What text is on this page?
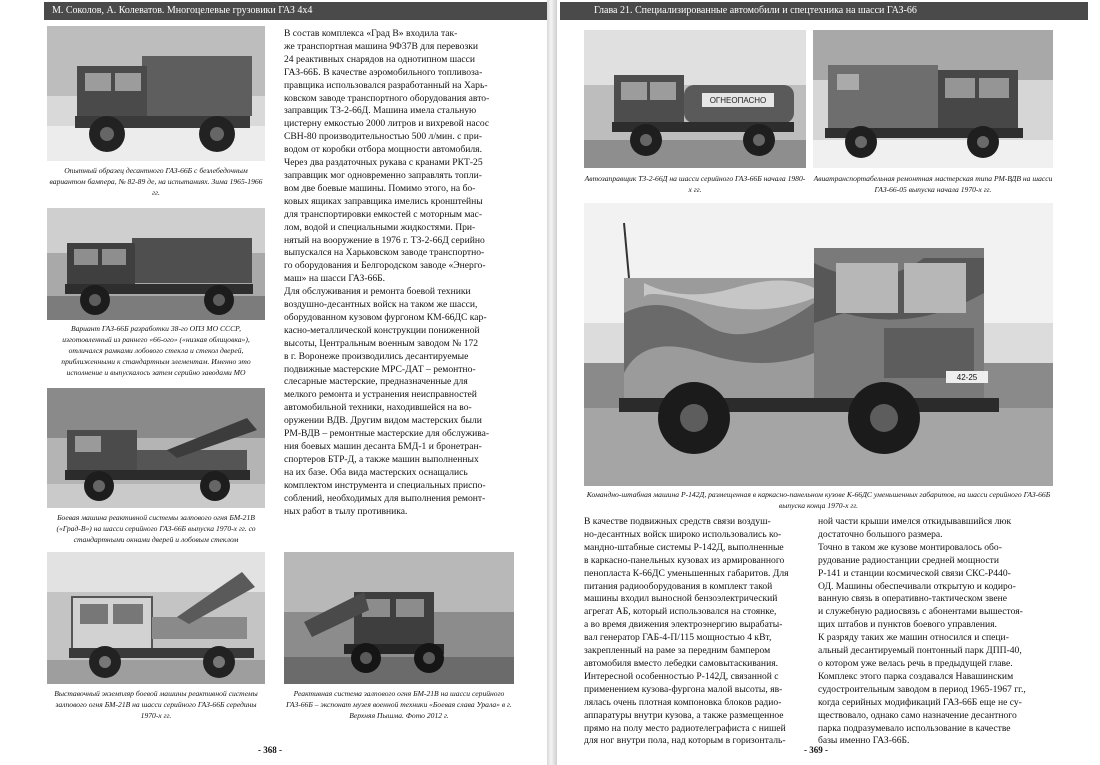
М. Соколов, А. Колеватов. Многоцелевые грузовики ГАЗ 4х4
Опытный образец десантного ГАЗ-66Б с безлебедочным вариантом бампера, № 82-89 де, на испытаниях. Зима 1965-1966 гг.
Вариант ГАЗ-66Б разработки 38-го ОПЗ МО СССР, изготовленный из раннего «66-ого» («низкая облицовка»), отличался рамками лобового стекла и стекол дверей, приближенными к стандартным элементам. Именно это исполнение и выпускалось затем серийно заводами МО
Боевая машина реактивной системы залпового огня БМ-21В («Град-В») на шасси серийного ГАЗ-66Б выпуска 1970-х гг. со стандартными окнами дверей и лобовым стеклом
Выставочный экземпляр боевой машины реактивной системы залпового огня БМ-21В на шасси серийного ГАЗ-66Б середины 1970-х гг.
Реактивная система залпового огня БМ-21В на шасси серийного ГАЗ-66Б – экспонат музея военной техники «Боевая слава Урала» в г. Верхняя Пышма. Фото 2012 г.
В состав комплекса «Град В» входила так-
же транспортная машина 9Ф37В для перевозки
24 реактивных снарядов на однотипном шасси
ГАЗ-66Б. В качестве аэромобильного топливоза-
правщика использовался разработанный на Харь-
ковском заводе транспортного оборудования авто-
заправщик ТЗ-2-66Д. Машина имела стальную
цистерну емкостью 2000 литров и вихревой насос
СВН-80 производительностью 500 л/мин. с при-
водом от коробки отбора мощности автомобиля.
Через два раздаточных рукава с кранами РКТ-25
заправщик мог одновременно заправлять топли-
вом две боевые машины. Помимо этого, на бо-
ковых ящиках заправщика имелись кронштейны
для транспортировки емкостей с моторным мас-
лом, водой и специальными жидкостями. При-
нятый на вооружение в 1976 г. ТЗ-2-66Д серийно
выпускался на Харьковском заводе транспортно-
го оборудования и Белгородском заводе «Энерго-
маш» на шасси ГАЗ-66Б.
Для обслуживания и ремонта боевой техники
воздушно-десантных войск на таком же шасси,
оборудованном кузовом фургоном КМ-66ДС кар-
касно-металлической конструкции пониженной
высоты, Центральным военным заводом № 172
в г. Воронеже производились десантируемые
подвижные мастерские МРС-ДАТ – ремонтно-
слесарные мастерские, предназначенные для
мелкого ремонта и устранения неисправностей
автомобильной техники, находившейся на во-
оружении ВДВ. Другим видом мастерских были
РМ-ВДВ – ремонтные мастерские для обслужива-
ния боевых машин десанта БМД-1 и бронетран-
спортеров БТР-Д, а также машин выполненных
на их базе. Оба вида мастерских оснащались
комплектом инструмента и специальных приспо-
соблений, необходимых для выполнения ремонт-
ных работ в тылу противника.
- 368 -
Глава 21. Специализированные автомобили и спецтехника на шасси ГАЗ-66
ОГНЕОПАСНО
Автозаправщик ТЗ-2-66Д на шасси серийного ГАЗ-66Б начала 1980-х гг.
Авиатранспортабельная ремонтная мастерская типа РМ-ВДВ на шасси ГАЗ-66-05 выпуска начала 1970-х гг.
42-25
Командно-штабная машина Р-142Д, размещенная в каркасно-панельном кузове К-66ДС уменьшенных габаритов, на шасси серийного ГАЗ-66Б выпуска конца 1970-х гг.
В качестве подвижных средств связи воздуш-
но-десантных войск широко использовались ко-
мандно-штабные системы Р-142Д, выполненные
в каркасно-панельных кузовах из армированного
пенопласта К-66ДС уменьшенных габаритов. Для
питания радиооборудования в комплект такой
машины входил выносной бензоэлектрический
агрегат АБ, который использовался на стоянке,
а во время движения электроэнергию вырабаты-
вал генератор ГАБ-4-П/115 мощностью 4 кВт,
закрепленный на раме за передним бампером
автомобиля вместо лебедки самовытаскивания.
Интересной особенностью Р-142Д, связанной с
применением кузова-фургона малой высоты, яв-
лялась очень плотная компоновка блоков радио-
аппаратуры внутри кузова, а также размещенное
прямо на полу место радиотелеграфиста с нишей
для ног внутри пола, над которым в горизонталь-
ной части крыши имелся откидывавшийся люк
достаточно большого размера.
Точно в таком же кузове монтировалось обо-
рудование радиостанции средней мощности
Р-141 и станции космической связи СКС-Р440-
ОД. Машины обеспечивали открытую и кодиро-
ванную связь в оперативно-тактическом звене
и служебную радиосвязь с абонентами вышестоя-
щих штабов и пунктов боевого управления.
К разряду таких же машин относился и специ-
альный десантируемый понтонный парк ДПП-40,
о котором уже велась речь в предыдущей главе.
Комплекс этого парка создавался Навашинским
судостроительным заводом в период 1965-1967 гг.,
когда серийных модификаций ГАЗ-66Б еще не су-
ществовало, однако само назначение десантного
парка подразумевало использование в качестве
базы именно ГАЗ-66Б.
- 369 -
